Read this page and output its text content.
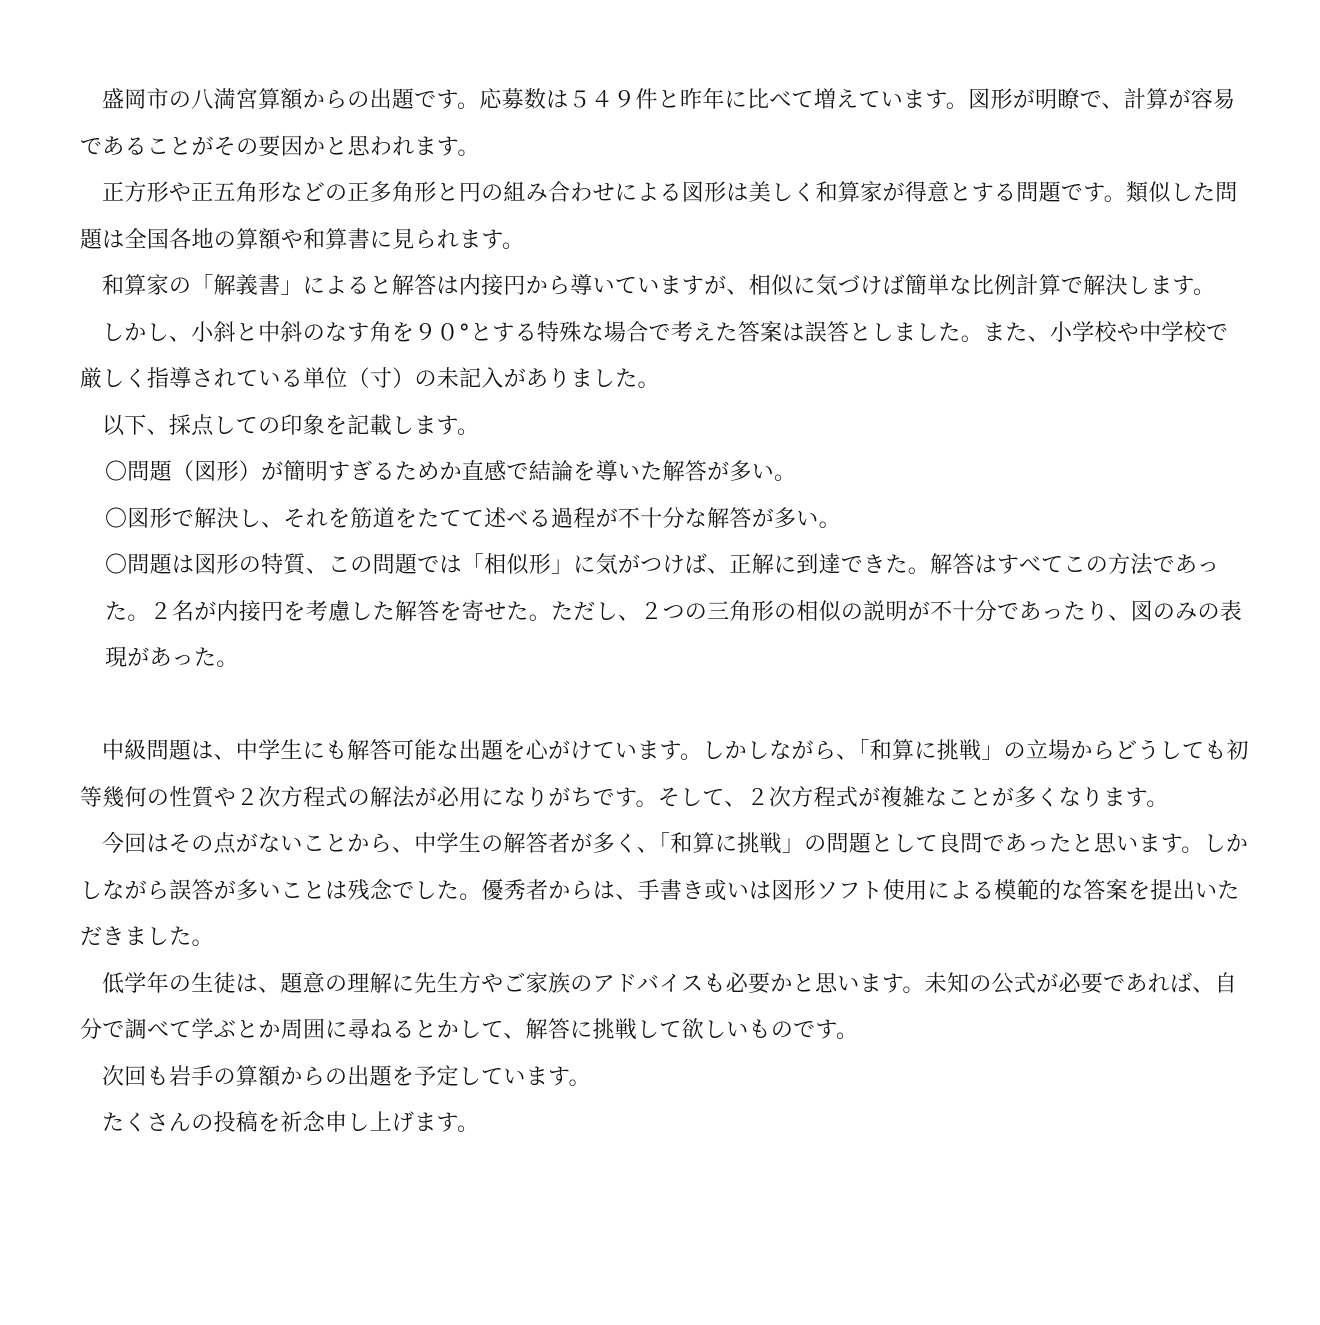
盛岡市の八満宮算額からの出題です。応募数は５４９件と昨年に比べて増えています。図形が明瞭で、計算が容易であることがその要因かと思われます。

正方形や正五角形などの正多角形と円の組み合わせによる図形は美しく和算家が得意とする問題です。類似した問題は全国各地の算額や和算書に見られます。

和算家の「解義書」によると解答は内接円から導いていますが、相似に気づけば簡単な比例計算で解決します。

しかし、小斜と中斜のなす角を９０°とする特殊な場合で考えた答案は誤答としました。また、小学校や中学校で厳しく指導されている単位（寸）の未記入がありました。

以下、採点しての印象を記載します。

〇問題（図形）が簡明すぎるためか直感で結論を導いた解答が多い。

〇図形で解決し、それを筋道をたてて述べる過程が不十分な解答が多い。

〇問題は図形の特質、この問題では「相似形」に気がつけば、正解に到達できた。解答はすべてこの方法であった。２名が内接円を考慮した解答を寄せた。ただし、２つの三角形の相似の説明が不十分であったり、図のみの表現があった。

中級問題は、中学生にも解答可能な出題を心がけています。しかしながら、「和算に挑戦」の立場からどうしても初等幾何の性質や２次方程式の解法が必用になりがちです。そして、２次方程式が複雑なことが多くなります。

今回はその点がないことから、中学生の解答者が多く、「和算に挑戦」の問題として良問であったと思います。しかしながら誤答が多いことは残念でした。優秀者からは、手書き或いは図形ソフト使用による模範的な答案を提出いただきました。

低学年の生徒は、題意の理解に先生方やご家族のアドバイスも必要かと思います。未知の公式が必要であれば、自分で調べて学ぶとか周囲に尋ねるとかして、解答に挑戦して欲しいものです。

次回も岩手の算額からの出題を予定しています。

たくさんの投稿を祈念申し上げます。
